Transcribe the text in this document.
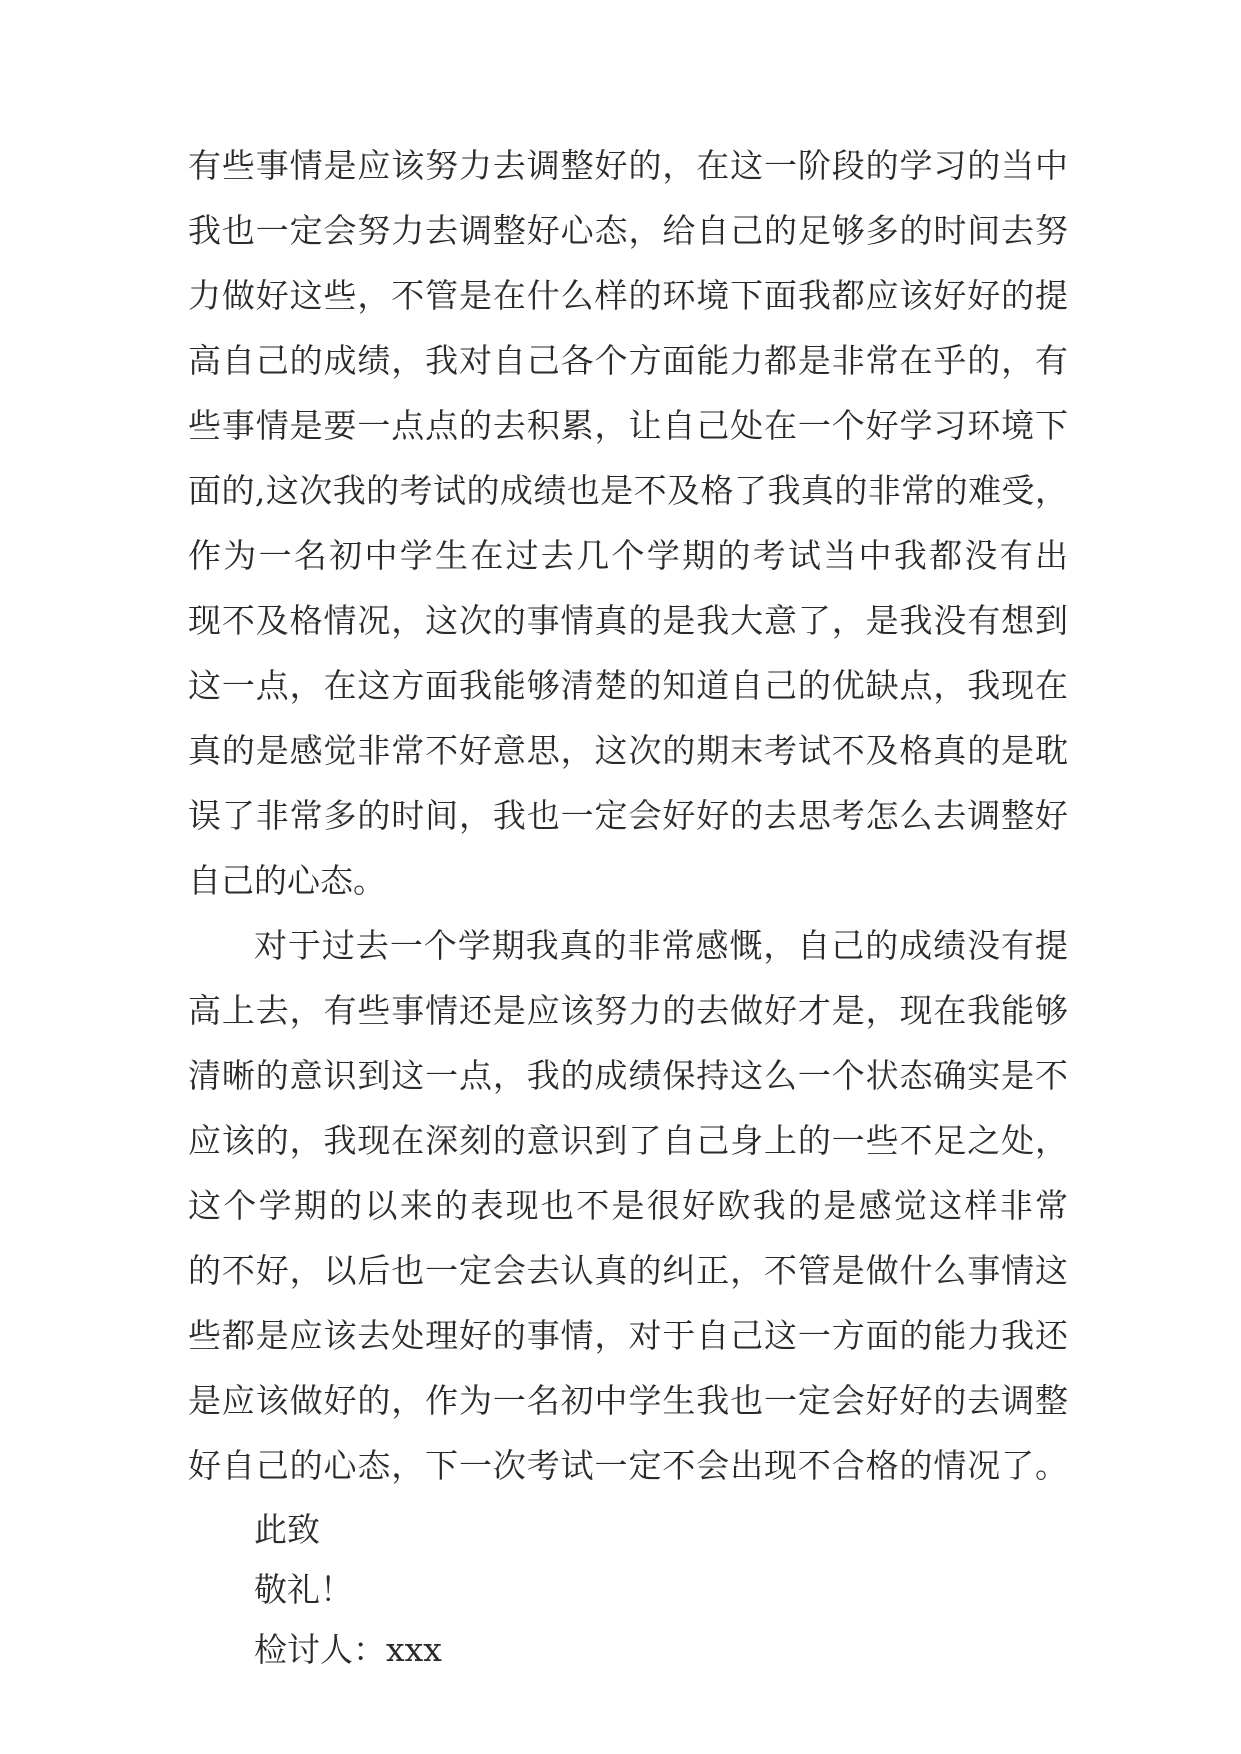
有些事情是应该努力去调整好的，在这一阶段的学习的当中
我也一定会努力去调整好心态，给自己的足够多的时间去努
力做好这些，不管是在什么样的环境下面我都应该好好的提
高自己的成绩，我对自己各个方面能力都是非常在乎的，有
些事情是要一点点的去积累，让自己处在一个好学习环境下
面的,这次我的考试的成绩也是不及格了我真的非常的难受，
作为一名初中学生在过去几个学期的考试当中我都没有出
现不及格情况，这次的事情真的是我大意了，是我没有想到
这一点，在这方面我能够清楚的知道自己的优缺点，我现在
真的是感觉非常不好意思，这次的期末考试不及格真的是耽
误了非常多的时间，我也一定会好好的去思考怎么去调整好
自己的心态。
对于过去一个学期我真的非常感慨，自己的成绩没有提
高上去，有些事情还是应该努力的去做好才是，现在我能够
清晰的意识到这一点，我的成绩保持这么一个状态确实是不
应该的，我现在深刻的意识到了自己身上的一些不足之处，
这个学期的以来的表现也不是很好欧我的是感觉这样非常
的不好，以后也一定会去认真的纠正，不管是做什么事情这
些都是应该去处理好的事情，对于自己这一方面的能力我还
是应该做好的，作为一名初中学生我也一定会好好的去调整
好自己的心态，下一次考试一定不会出现不合格的情况了。
此致
敬礼！
检讨人：xxx
